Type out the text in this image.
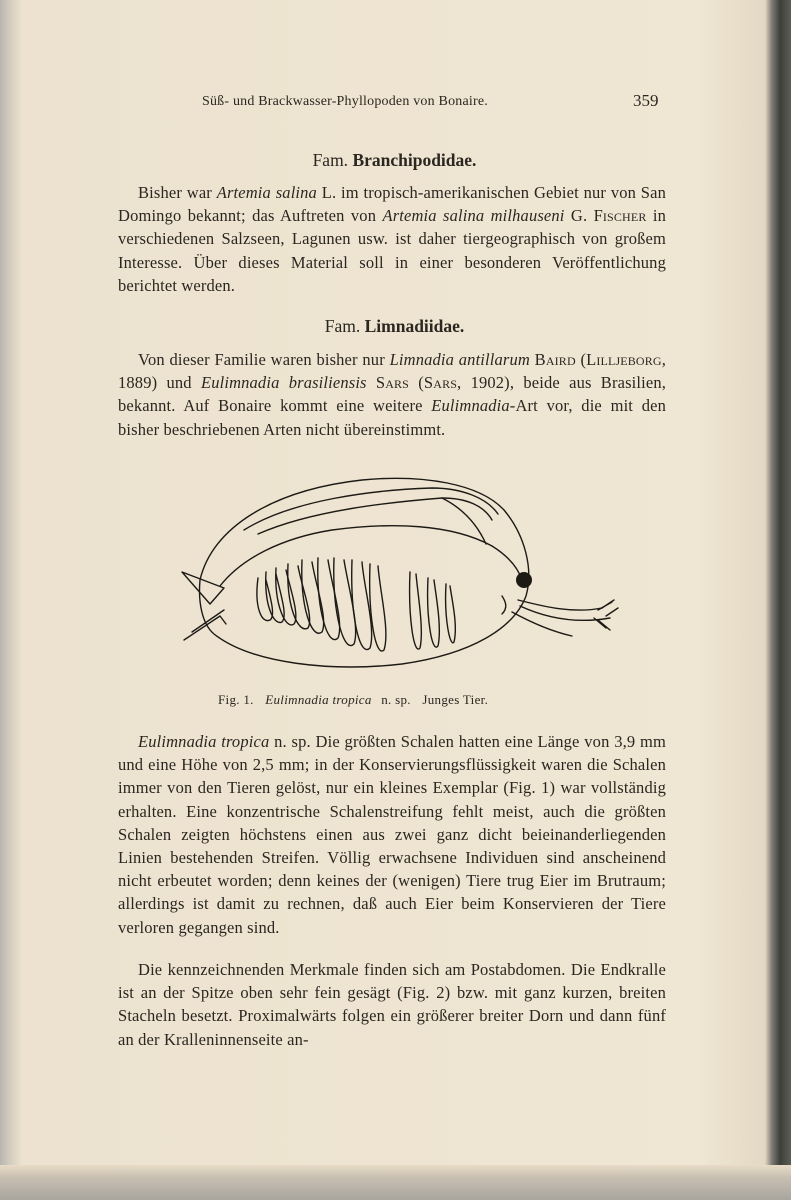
Süß- und Brackwasser-Phyllopoden von Bonaire.	359
Fam. Branchipodidae.
Bisher war Artemia salina L. im tropisch-amerikanischen Gebiet nur von San Domingo bekannt; das Auftreten von Artemia salina milhauseni G. Fischer in verschiedenen Salzseen, Lagunen usw. ist daher tiergeographisch von großem Interesse. Über dieses Material soll in einer besonderen Veröffentlichung berichtet werden.
Fam. Limnadiidae.
Von dieser Familie waren bisher nur Limnadia antillarum Baird (Lilljeborg, 1889) und Eulimnadia brasiliensis Sars (Sars, 1902), beide aus Brasilien, bekannt. Auf Bonaire kommt eine weitere Eulimnadia-Art vor, die mit den bisher beschriebenen Arten nicht übereinstimmt.
Fig. 1. Eulimnadia tropica n. sp. Junges Tier.
Eulimnadia tropica n. sp. Die größten Schalen hatten eine Länge von 3,9 mm und eine Höhe von 2,5 mm; in der Konservierungsflüssigkeit waren die Schalen immer von den Tieren gelöst, nur ein kleines Exemplar (Fig. 1) war vollständig erhalten. Eine konzentrische Schalenstreifung fehlt meist, auch die größten Schalen zeigten höchstens einen aus zwei ganz dicht beieinanderliegenden Linien bestehenden Streifen. Völlig erwachsene Individuen sind anscheinend nicht erbeutet worden; denn keines der (wenigen) Tiere trug Eier im Brutraum; allerdings ist damit zu rechnen, daß auch Eier beim Konservieren der Tiere verloren gegangen sind.
Die kennzeichnenden Merkmale finden sich am Postabdomen. Die Endkralle ist an der Spitze oben sehr fein gesägt (Fig. 2) bzw. mit ganz kurzen, breiten Stacheln besetzt. Proximalwärts folgen ein größerer breiter Dorn und dann fünf an der Kralleninnenseite an-
